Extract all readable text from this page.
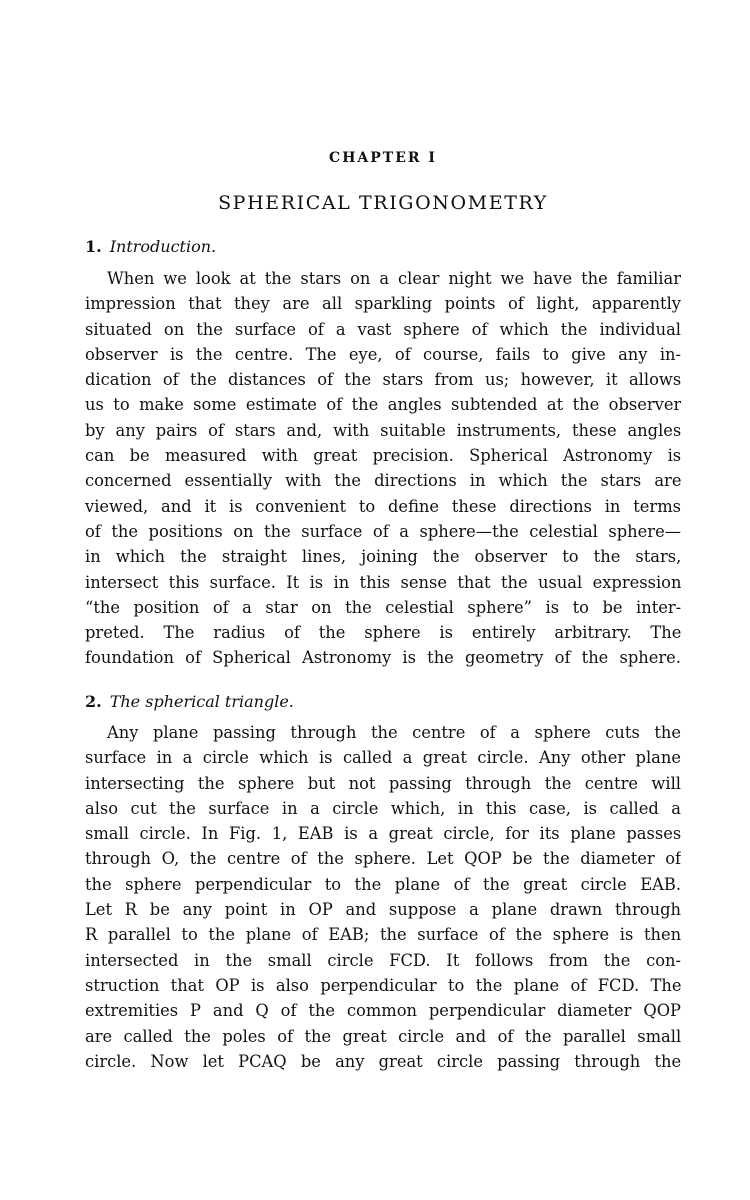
CHAPTER I
SPHERICAL TRIGONOMETRY
1. Introduction.
When we look at the stars on a clear night we have the familiar
impression that they are all sparkling points of light, apparently
situated on the surface of a vast sphere of which the individual
observer is the centre. The eye, of course, fails to give any in-
dication of the distances of the stars from us; however, it allows
us to make some estimate of the angles subtended at the observer
by any pairs of stars and, with suitable instruments, these angles
can be measured with great precision. Spherical Astronomy is
concerned essentially with the directions in which the stars are
viewed, and it is convenient to define these directions in terms
of the positions on the surface of a sphere—the celestial sphere—
in which the straight lines, joining the observer to the stars,
intersect this surface. It is in this sense that the usual expression
“the position of a star on the celestial sphere” is to be inter-
preted. The radius of the sphere is entirely arbitrary. The
foundation of Spherical Astronomy is the geometry of the sphere.
2. The spherical triangle.
Any plane passing through the centre of a sphere cuts the
surface in a circle which is called a great circle. Any other plane
intersecting the sphere but not passing through the centre will
also cut the surface in a circle which, in this case, is called a
small circle. In Fig. 1, EAB is a great circle, for its plane passes
through O, the centre of the sphere. Let QOP be the diameter of
the sphere perpendicular to the plane of the great circle EAB.
Let R be any point in OP and suppose a plane drawn through
R parallel to the plane of EAB; the surface of the sphere is then
intersected in the small circle FCD. It follows from the con-
struction that OP is also perpendicular to the plane of FCD. The
extremities P and Q of the common perpendicular diameter QOP
are called the poles of the great circle and of the parallel small
circle. Now let PCAQ be any great circle passing through the
